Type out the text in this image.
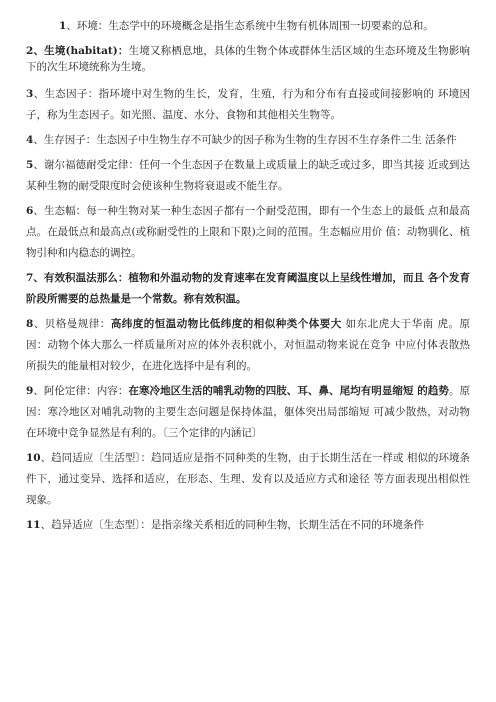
1、环境：生态学中的环境概念是指生态系统中生物有机体周围一切要素的总和。

2、生境(habitat)：生境又称栖息地，具体的生物个体或群体生活区域的生态环境及生物影响下的次生环境统称为生境。

3、生态因子：指环境中对生物的生长，发育，生殖，行为和分布有直接或间接影响的 环境因子，称为生态因子。如光照、温度、水分、食物和其他相关生物等。

4、生存因子：生态因子中生物生存不可缺少的因子称为生物的生存因不生存条件二生 活条件

5、谢尔福德耐受定律：任何一个生态因子在数量上或质量上的缺乏或过多，即当其接 近或到达某种生物的耐受限度时会使该种生物将衰退或不能生存。

6、生态幅：每一种生物对某一种生态因子都有一个耐受范围，即有一个生态上的最低 点和最高点。在最低点和最高点(或称耐受性的上限和下限)之间的范围。生态幅应用价 值：动物驯化、植物引种和内稳态的调控。

7、有效积温法那么：植物和外温动物的发育速率在发育阈温度以上呈线性增加，而且 各个发育阶段所需要的总热量是一个常数。称有效积温。

8、贝格曼规律：高纬度的恒温动物比低纬度的相似种类个体要大 如东北虎大于华南 虎。原因：动物个体大那么一样质量所对应的体外表积就小，对恒温动物来说在竞争 中应付体表散热所损失的能量相对较少，在进化选择中是有利的。

9、阿伦定律：内容：在寒冷地区生活的哺乳动物的四肢、耳、鼻、尾均有明显缩短 的趋势。原因：寒冷地区对哺乳动物的主要生态问题是保持体温，躯体突出局部缩短 可减少散热，对动物在环境中竞争显然是有利的。〔三个定律的内涵记〕

10、趋同适应〔生活型〕：趋同适应是指不同种类的生物，由于长期生活在一样或 相似的环境条件下，通过变异、选择和适应，在形态、生理、发育以及适应方式和途径 等方面表现出相似性现象。

11、趋异适应〔生态型〕：是指亲缘关系相近的同种生物，长期生活在不同的环境条件
